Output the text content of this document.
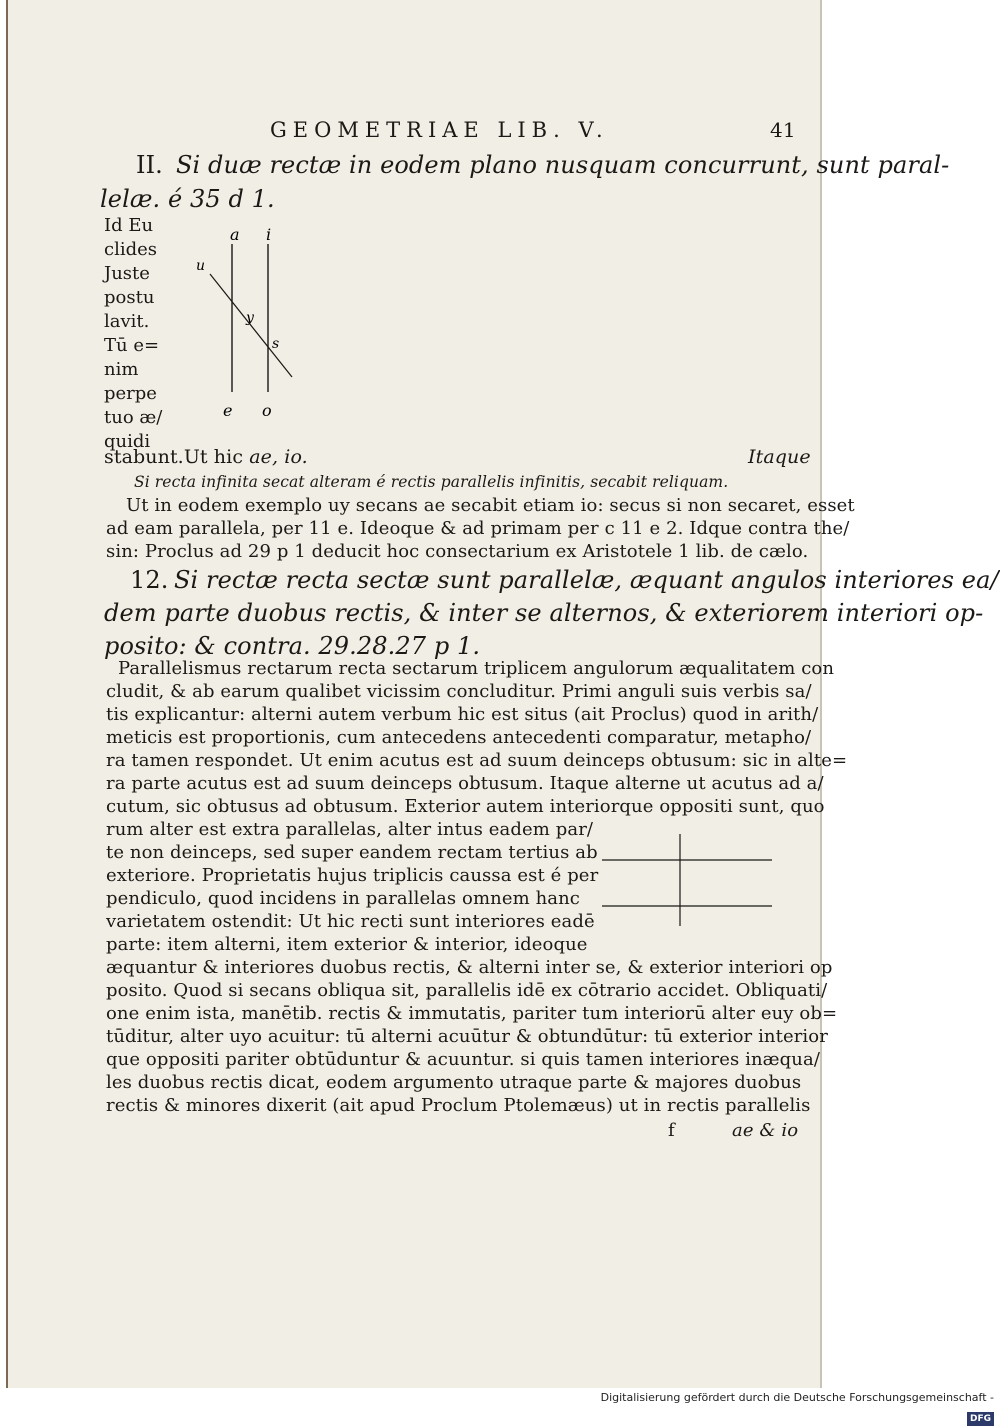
GEOMETRIAE LIB. V.	41
II. Si duæ rectæ in eodem plano nusquam concurrunt, sunt paral-
lelæ. é 35 d 1.
Id Eu
clides
Juste
postu
lavit.
Tū e=
nim
perpe
tuo æ/
quidi
a i
u
y
s
e o
stabunt.Ut hic ae, io.	Itaque
Si recta infinita secat alteram é rectis parallelis infinitis, secabit reliquam.
Ut in eodem exemplo uy secans ae secabit etiam io: secus si non secaret, esset
ad eam parallela, per 11 e. Ideoque & ad primam per c 11 e 2. Idque contra the/
sin: Proclus ad 29 p 1 deducit hoc consectarium ex Aristotele 1 lib. de cælo.
12. Si rectæ recta sectæ sunt parallelæ, æquant angulos interiores ea/
dem parte duobus rectis, & inter se alternos, & exteriorem interiori op-
posito: & contra. 29.28.27 p 1.
Parallelismus rectarum recta sectarum triplicem angulorum æqualitatem con
cludit, & ab earum qualibet vicissim concluditur. Primi anguli suis verbis sa/
tis explicantur: alterni autem verbum hic est situs (ait Proclus) quod in arith/
meticis est proportionis, cum antecedens antecedenti comparatur, metapho/
ra tamen respondet. Ut enim acutus est ad suum deinceps obtusum: sic in alte=
ra parte acutus est ad suum deinceps obtusum. Itaque alterne ut acutus ad a/
cutum, sic obtusus ad obtusum. Exterior autem interiorque oppositi sunt, quo
rum alter est extra parallelas, alter intus eadem par/
te non deinceps, sed super eandem rectam tertius ab
exteriore. Proprietatis hujus triplicis caussa est é per
pendiculo, quod incidens in parallelas omnem hanc
varietatem ostendit: Ut hic recti sunt interiores eadē
parte: item alterni, item exterior & interior, ideoque
æquantur & interiores duobus rectis, & alterni inter se, & exterior interiori op
posito. Quod si secans obliqua sit, parallelis idē ex cōtrario accidet. Obliquati/
one enim ista, manētib. rectis & immutatis, pariter tum interiorū alter euy ob=
tūditur, alter uyo acuitur: tū alterni acuūtur & obtundūtur: tū exterior interior
que oppositi pariter obtūduntur & acuuntur. si quis tamen interiores inæqua/
les duobus rectis dicat, eodem argumento utraque parte & majores duobus
rectis & minores dixerit (ait apud Proclum Ptolemæus) ut in rectis parallelis
f	ae & io
Digitalisierung gefördert durch die Deutsche Forschungsgemeinschaft -DFG
